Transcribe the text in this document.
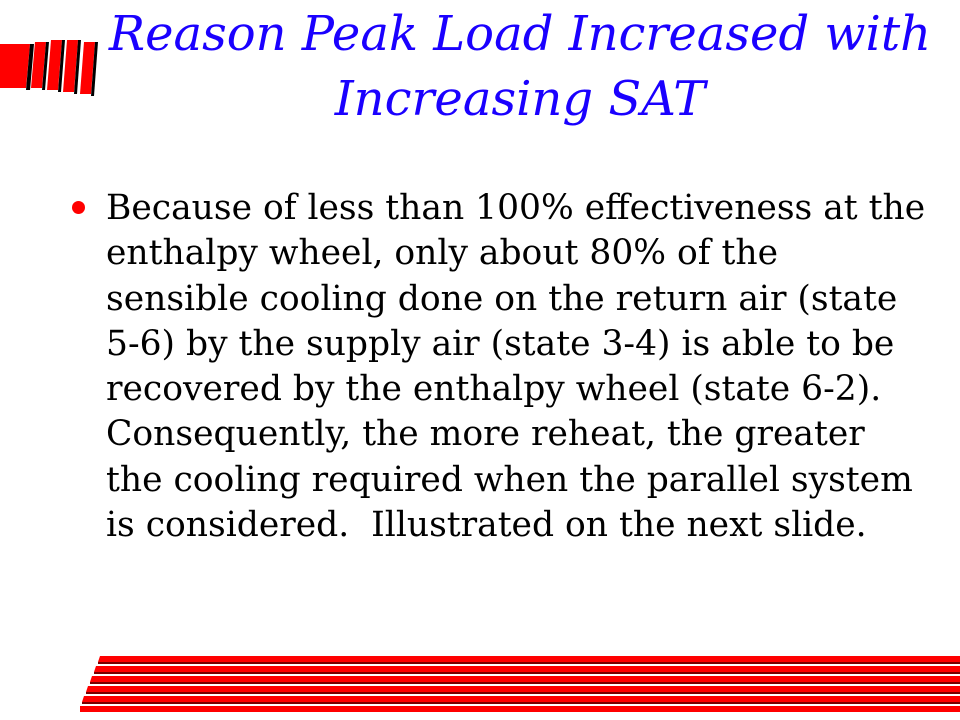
Reason Peak Load Increased with Increasing SAT
Because of less than 100% effectiveness at the enthalpy wheel, only about 80% of the sensible cooling done on the return air (state 5-6) by the supply air (state 3-4) is able to be recovered by the enthalpy wheel (state 6-2).  Consequently, the more reheat, the greater the cooling required when the parallel system is considered.  Illustrated on the next slide.
